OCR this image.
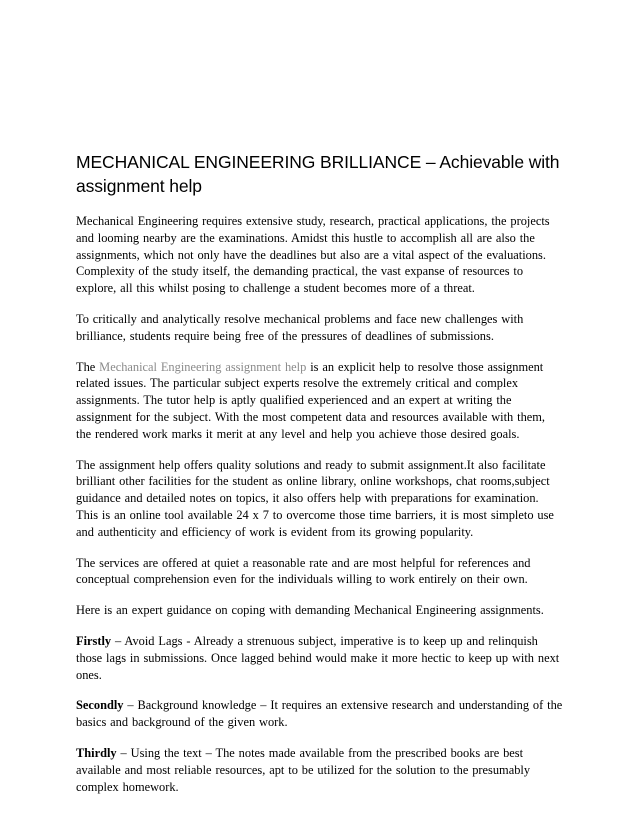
MECHANICAL ENGINEERING BRILLIANCE – Achievable with assignment help

Mechanical Engineering requires extensive study, research, practical applications, the projects and looming nearby are the examinations. Amidst this hustle to accomplish all are also the assignments, which not only have the deadlines but also are a vital aspect of the evaluations. Complexity of the study itself, the demanding practical, the vast expanse of resources to explore, all this whilst posing to challenge a student becomes more of a threat.

To critically and analytically resolve mechanical problems and face new challenges with brilliance, students require being free of the pressures of deadlines of submissions.

The Mechanical Engineering assignment help is an explicit help to resolve those assignment related issues. The particular subject experts resolve the extremely critical and complex assignments. The tutor help is aptly qualified experienced and an expert at writing the assignment for the subject. With the most competent data and resources available with them, the rendered work marks it merit at any level and help you achieve those desired goals.

The assignment help offers quality solutions and ready to submit assignment.It also facilitate brilliant other facilities for the student as online library, online workshops, chat rooms,subject guidance and detailed notes on topics, it also offers help with preparations for examination. This is an online tool available 24 x 7 to overcome those time barriers, it is most simpleto use and authenticity and efficiency of work is evident from its growing popularity.

The services are offered at quiet a reasonable rate and are most helpful for references and conceptual comprehension even for the individuals willing to work entirely on their own.

Here is an expert guidance on coping with demanding Mechanical Engineering assignments.

Firstly – Avoid Lags - Already a strenuous subject, imperative is to keep up and relinquish those lags in submissions. Once lagged behind would make it more hectic to keep up with next ones.

Secondly – Background knowledge – It requires an extensive research and understanding of the basics and background of the given work.

Thirdly – Using the text – The notes made available from the prescribed books are best available and most reliable resources, apt to be utilized for the solution to the presumably complex homework.
